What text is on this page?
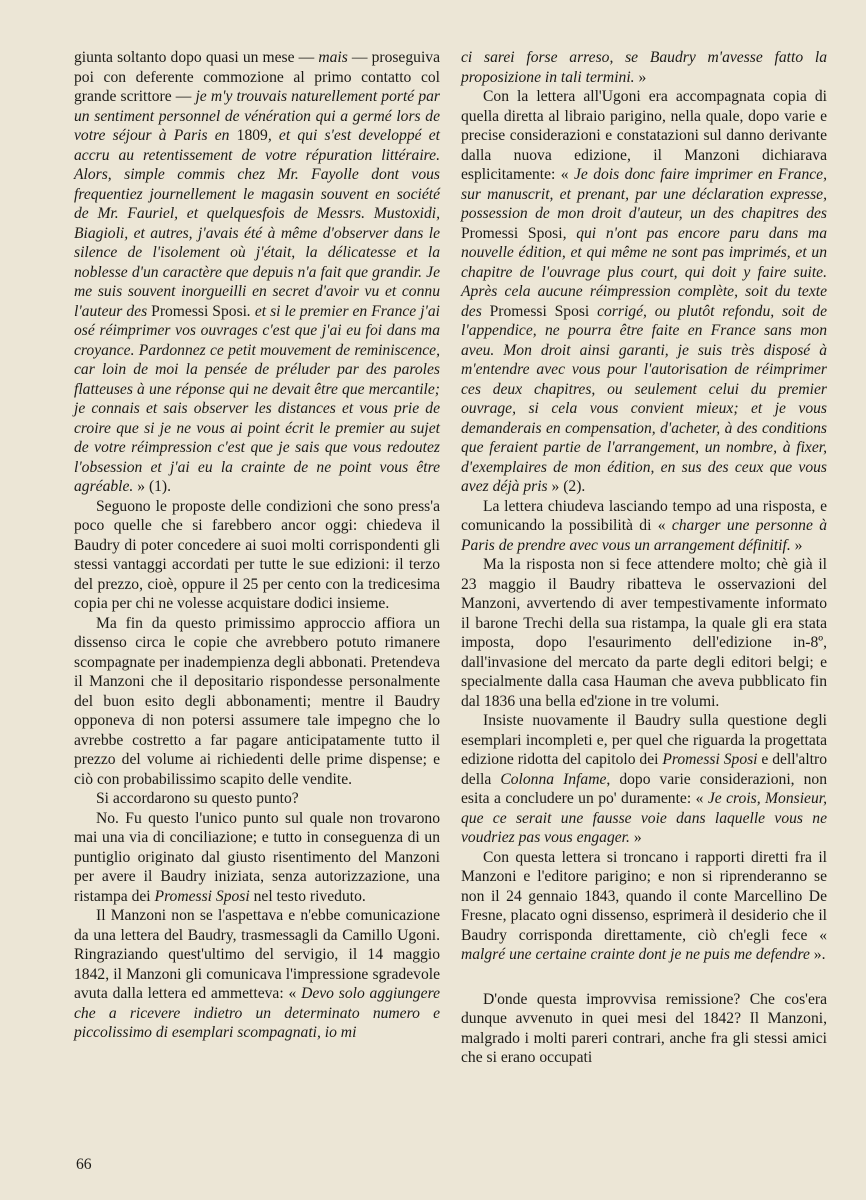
giunta soltanto dopo quasi un mese — mais — proseguiva poi con deferente commozione al primo contatto col grande scrittore — je m'y trouvais naturellement porté par un sentiment personnel de vénération qui a germé lors de votre séjour à Paris en 1809, et qui s'est developpé et accru au retentissement de votre répuration littéraire. Alors, simple commis chez Mr. Fayolle dont vous frequentiez journellement le magasin souvent en société de Mr. Fauriel, et quelquesfois de Messrs. Mustoxidi, Biagioli, et autres, j'avais été à même d'observer dans le silence de l'isolement où j'était, la délicatesse et la noblesse d'un caractère que depuis n'a fait que grandir. Je me suis souvent inorgueilli en secret d'avoir vu et connu l'auteur des Promessi Sposi. et si le premier en France j'ai osé réimprimer vos ouvrages c'est que j'ai eu foi dans ma croyance. Pardonnez ce petit mouvement de reminiscence, car loin de moi la pensée de préluder par des paroles flatteuses à une réponse qui ne devait être que mercantile; je connais et sais observer les distances et vous prie de croire que si je ne vous ai point écrit le premier au sujet de votre réimpression c'est que je sais que vous redoutez l'obsession et j'ai eu la crainte de ne point vous être agréable. » (1).

Seguono le proposte delle condizioni che sono press'a poco quelle che si farebbero ancor oggi: chiedeva il Baudry di poter concedere ai suoi molti corrispondenti gli stessi vantaggi accordati per tutte le sue edizioni: il terzo del prezzo, cioè, oppure il 25 per cento con la tredicesima copia per chi ne volesse acquistare dodici insieme.

Ma fin da questo primissimo approccio affiora un dissenso circa le copie che avrebbero potuto rimanere scompagnate per inadempienza degli abbonati. Pretendeva il Manzoni che il depositario rispondesse personalmente del buon esito degli abbonamenti; mentre il Baudry opponeva di non potersi assumere tale impegno che lo avrebbe costretto a far pagare anticipatamente tutto il prezzo del volume ai richiedenti delle prime dispense; e ciò con probabilissimo scapito delle vendite.

Si accordarono su questo punto?

No. Fu questo l'unico punto sul quale non trovarono mai una via di conciliazione; e tutto in conseguenza di un puntiglio originato dal giusto risentimento del Manzoni per avere il Baudry iniziata, senza autorizzazione, una ristampa dei Promessi Sposi nel testo riveduto.

Il Manzoni non se l'aspettava e n'ebbe comunicazione da una lettera del Baudry, trasmessagli da Camillo Ugoni. Ringraziando quest'ultimo del servigio, il 14 maggio 1842, il Manzoni gli comunicava l'impressione sgradevole avuta dalla lettera ed ammetteva: « Devo solo aggiungere che a ricevere indietro un determinato numero e piccolissimo di esemplari scompagnati, io mi

ci sarei forse arreso, se Baudry m'avesse fatto la proposizione in tali termini. »

Con la lettera all'Ugoni era accompagnata copia di quella diretta al libraio parigino, nella quale, dopo varie e precise considerazioni e constatazioni sul danno derivante dalla nuova edizione, il Manzoni dichiarava esplicitamente: « Je dois donc faire imprimer en France, sur manuscrit, et prenant, par une déclaration expresse, possession de mon droit d'auteur, un des chapitres des Promessi Sposi, qui n'ont pas encore paru dans ma nouvelle édition, et qui même ne sont pas imprimés, et un chapitre de l'ouvrage plus court, qui doit y faire suite. Après cela aucune réimpression complète, soit du texte des Promessi Sposi corrigé, ou plutôt refondu, soit de l'appendice, ne pourra être faite en France sans mon aveu. Mon droit ainsi garanti, je suis très disposé à m'entendre avec vous pour l'autorisation de réimprimer ces deux chapitres, ou seulement celui du premier ouvrage, si cela vous convient mieux; et je vous demanderais en compensation, d'acheter, à des conditions que feraient partie de l'arrangement, un nombre, à fixer, d'exemplaires de mon édition, en sus des ceux que vous avez déjà pris » (2).

La lettera chiudeva lasciando tempo ad una risposta, e comunicando la possibilità di « charger une personne à Paris de prendre avec vous un arrangement définitif. »

Ma la risposta non si fece attendere molto; chè già il 23 maggio il Baudry ribatteva le osservazioni del Manzoni, avvertendo di aver tempestivamente informato il barone Trechi della sua ristampa, la quale gli era stata imposta, dopo l'esaurimento dell'edizione in-8º, dall'invasione del mercato da parte degli editori belgi; e specialmente dalla casa Hauman che aveva pubblicato fin dal 1836 una bella ed'zione in tre volumi.

Insiste nuovamente il Baudry sulla questione degli esemplari incompleti e, per quel che riguarda la progettata edizione ridotta del capitolo dei Promessi Sposi e dell'altro della Colonna Infame, dopo varie considerazioni, non esita a concludere un po' duramente: « Je crois, Monsieur, que ce serait une fausse voie dans laquelle vous ne voudriez pas vous engager. »

Con questa lettera si troncano i rapporti diretti fra il Manzoni e l'editore parigino; e non si riprenderanno se non il 24 gennaio 1843, quando il conte Marcellino De Fresne, placato ogni dissenso, esprimerà il desiderio che il Baudry corrisponda direttamente, ciò ch'egli fece « malgré une certaine crainte dont je ne puis me defendre ».

D'onde questa improvvisa remissione? Che cos'era dunque avvenuto in quei mesi del 1842? Il Manzoni, malgrado i molti pareri contrari, anche fra gli stessi amici che si erano occupati

66
